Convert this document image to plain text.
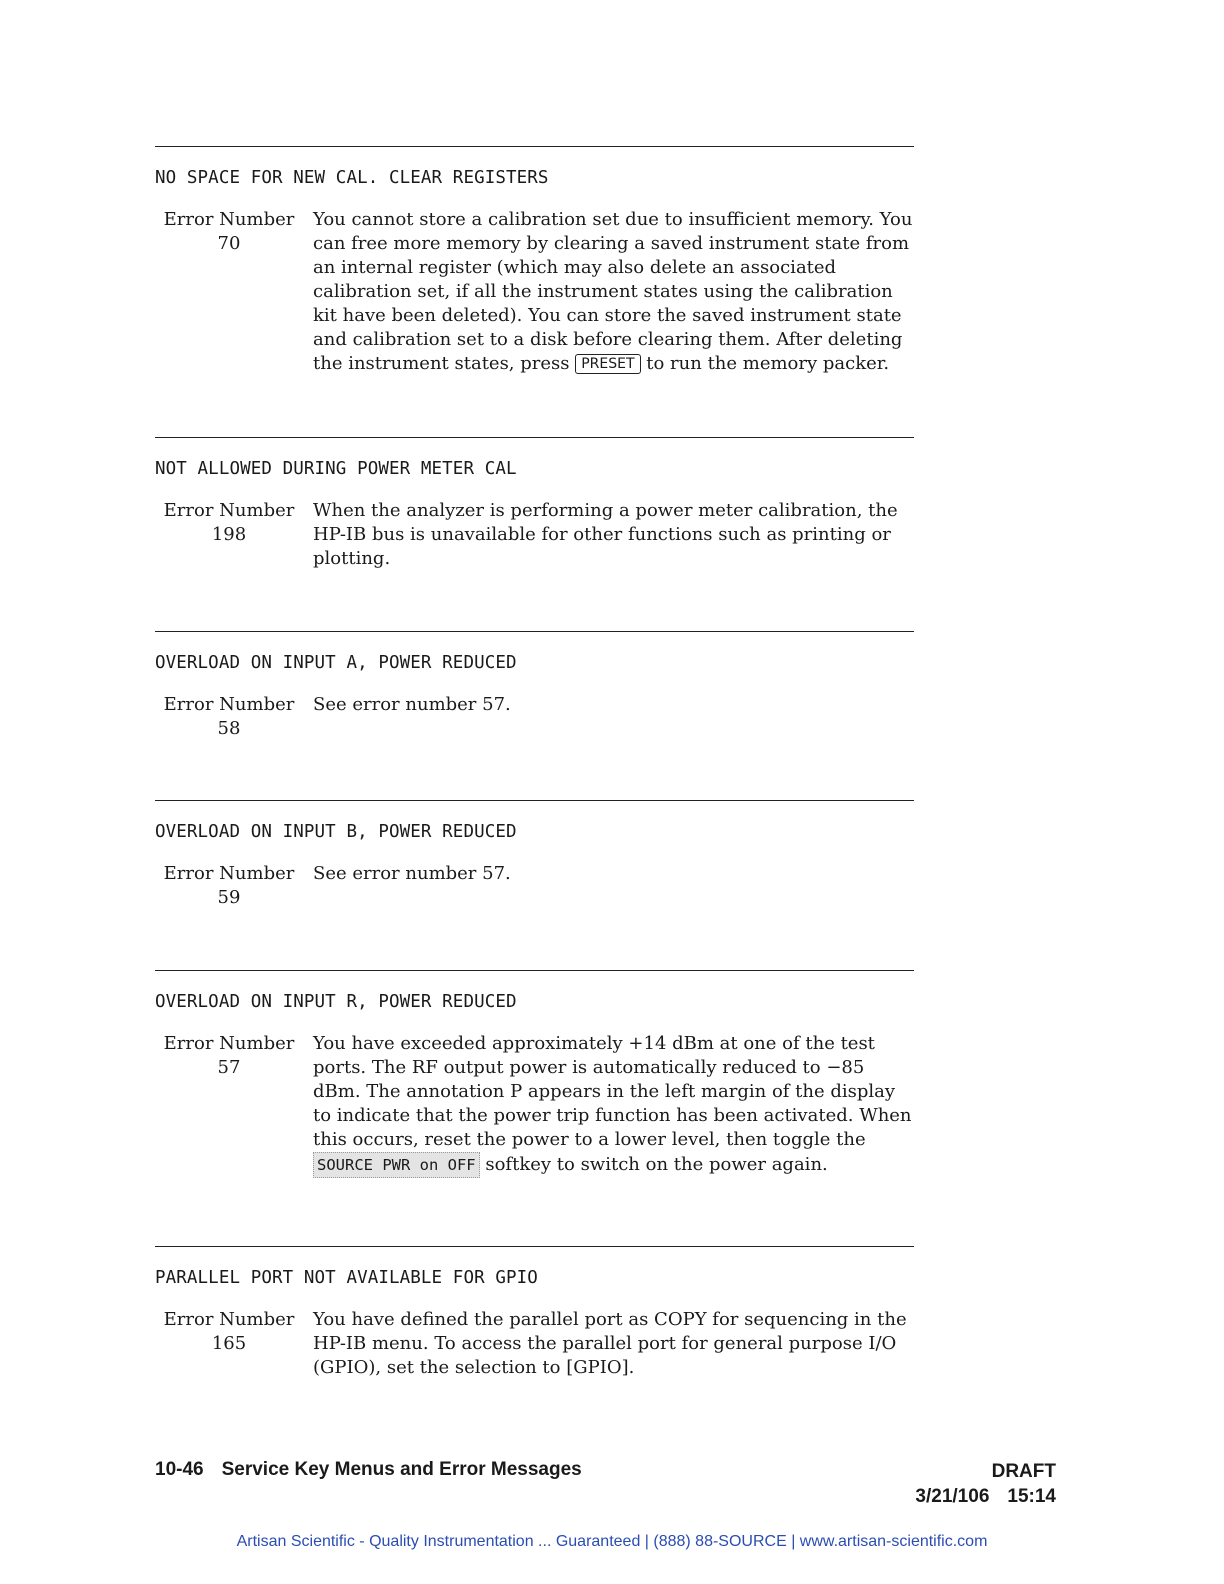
NO SPACE FOR NEW CAL. CLEAR REGISTERS
Error Number
70
You cannot store a calibration set due to insufficient memory. You can free more memory by clearing a saved instrument state from an internal register (which may also delete an associated calibration set, if all the instrument states using the calibration kit have been deleted). You can store the saved instrument state and calibration set to a disk before clearing them. After deleting the instrument states, press PRESET to run the memory packer.
NOT ALLOWED DURING POWER METER CAL
Error Number
198
When the analyzer is performing a power meter calibration, the HP-IB bus is unavailable for other functions such as printing or plotting.
OVERLOAD ON INPUT A, POWER REDUCED
Error Number
58
See error number 57.
OVERLOAD ON INPUT B, POWER REDUCED
Error Number
59
See error number 57.
OVERLOAD ON INPUT R, POWER REDUCED
Error Number
57
You have exceeded approximately +14 dBm at one of the test ports. The RF output power is automatically reduced to −85 dBm. The annotation P appears in the left margin of the display to indicate that the power trip function has been activated. When this occurs, reset the power to a lower level, then toggle the SOURCE PWR on OFF softkey to switch on the power again.
PARALLEL PORT NOT AVAILABLE FOR GPIO
Error Number
165
You have defined the parallel port as COPY for sequencing in the HP-IB menu. To access the parallel port for general purpose I/O (GPIO), set the selection to [GPIO].
10-46 Service Key Menus and Error Messages	DRAFT
3/21/106 15:14
Artisan Scientific - Quality Instrumentation ... Guaranteed | (888) 88-SOURCE | www.artisan-scientific.com
